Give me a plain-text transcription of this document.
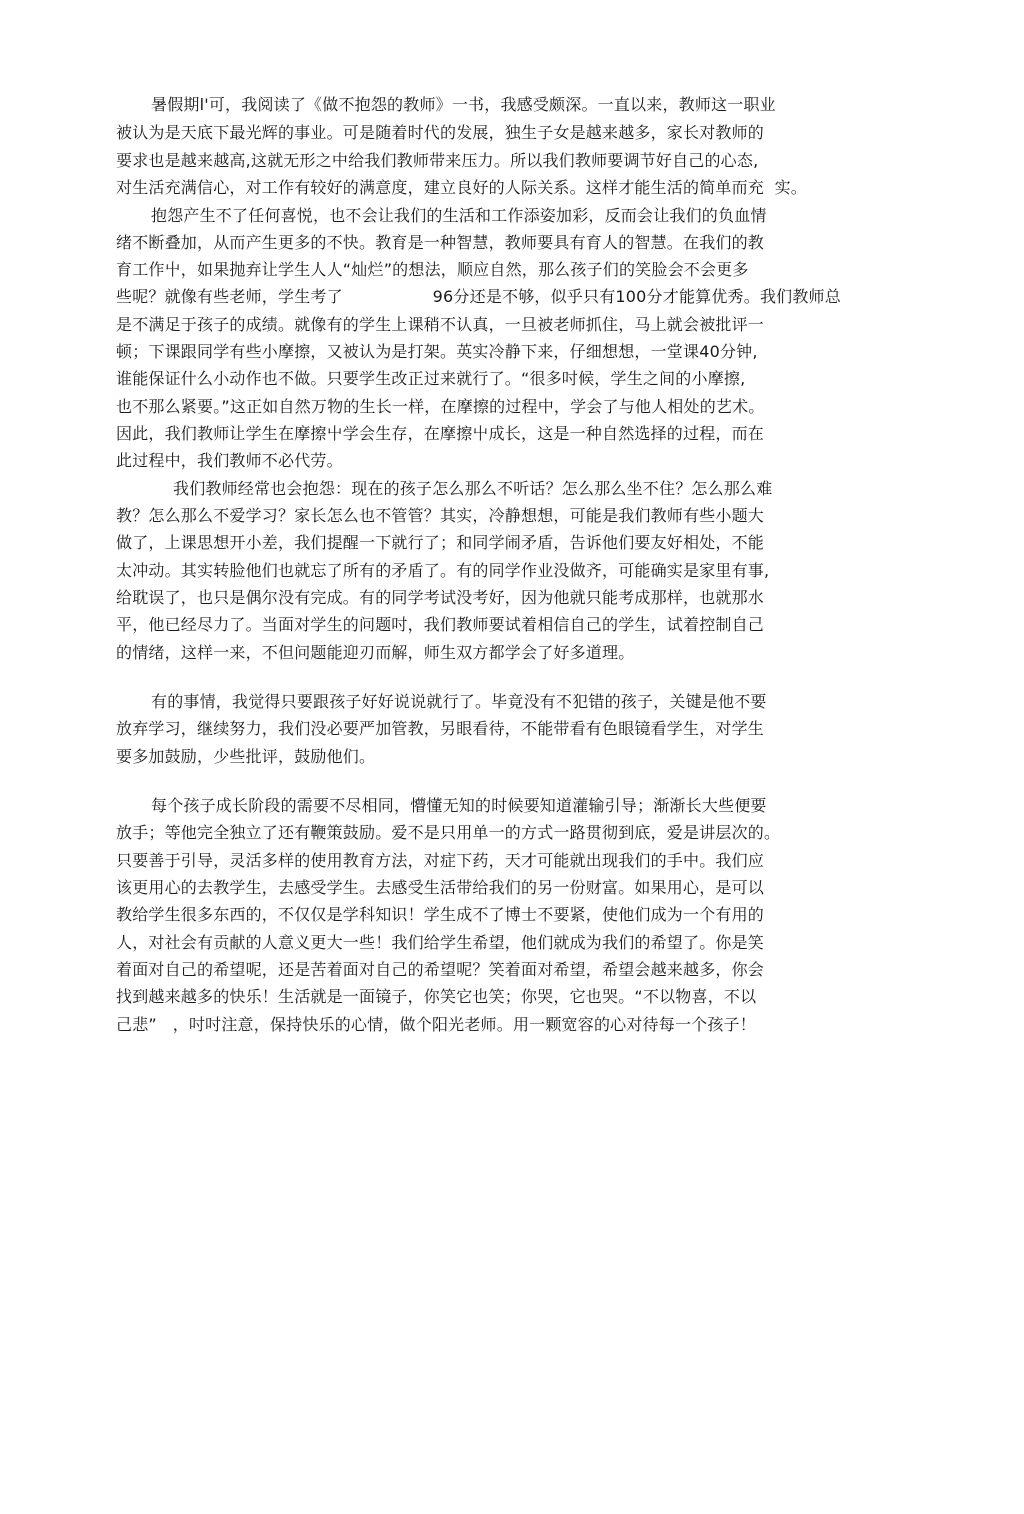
暑假期l'可，我阅读了《做不抱怨的教师》一书，我感受颇深。一直以来，教师这一职业
被认为是天底下最光辉的事业。可是随着时代的发展，独生子女是越来越多，家长对教师的
要求也是越来越高,这就无形之中给我们教师带来压力。所以我们教师要调节好自己的心态,
对生活充满信心，对工作有较好的满意度，建立良好的人际关系。这样才能生活的简单而充  实。
抱怨产生不了任何喜悦，也不会让我们的生活和工作添姿加彩，反而会让我们的负血情
绪不断叠加，从而产生更多的不快。教育是一种智慧，教师要具有育人的智慧。在我们的教
育工作屮，如果抛弃让学生人人“灿烂”的想法，顺应自然，那么孩子们的笑脸会不会更多
些呢？就像有些老师，学生考了                 96分还是不够，似乎只有100分才能算优秀。我们教师总
是不满足于孩子的成绩。就像有的学生上课稍不认真，一旦被老师抓住，马上就会被批评一
顿；下课跟同学有些小摩擦，又被认为是打架。英实冷静下来，仔细想想，一堂课40分钟,
谁能保证什么小动作也不做。只要学生改正过来就行了。“很多吋候，学生之间的小摩擦,
也不那么紧要。”这正如自然万物的生长一样，在摩擦的过程中，学会了与他人相处的艺术。
因此，我们教师让学生在摩擦屮学会生存，在摩擦屮成长，这是一种自然选择的过程，而在
此过程中，我们教师不必代劳。
我们教师经常也会抱怨：现在的孩子怎么那么不听话？怎么那么坐不住？怎么那么难
教？怎么那么不爱学习？家长怎么也不管管？其实，冷静想想，可能是我们教师有些小题大
做了，上课思想开小差，我们提醒一下就行了；和同学闹矛盾，告诉他们要友好相处，不能
太冲动。其实转脸他们也就忘了所有的矛盾了。有的同学作业没做齐，可能确实是家里有事,
给耽误了，也只是偶尔没有完成。有的同学考试没考好，因为他就只能考成那样，也就那水
平，他已经尽力了。当面对学生的问题吋，我们教师要试着相信自己的学生，试着控制自己
的情绪，这样一来，不但问题能迎刃而解，师生双方都学会了好多道理。
有的事情，我觉得只要跟孩子好好说说就行了。毕竟没有不犯错的孩子，关键是他不要
放弃学习，继续努力，我们没必要严加管教，另眼看待，不能带看有色眼镜看学生，对学生
要多加鼓励，少些批评，鼓励他们。
每个孩子成长阶段的需要不尽相同，懵懂无知的时候要知道灌输引导；渐渐长大些便要
放手；等他完全独立了还有鞭策鼓励。爱不是只用单一的方式一路贯彻到底，爱是讲层次的。
只要善于引导，灵活多样的使用教育方法，对症下药，天才可能就出现我们的手中。我们应
该更用心的去教学生，去感受学生。去感受生活带给我们的另一份财富。如果用心，是可以
教给学生很多东西的，不仅仅是学科知识！学生成不了博士不要紧，使他们成为一个有用的
人，对社会有贡献的人意义更大一些！我们给学生希望，他们就成为我们的希望了。你是笑
着面对自己的希望呢，还是苦着面对自己的希望呢？笑着面对希望，希望会越来越多，你会
找到越来越多的快乐！生活就是一面镜子，你笑它也笑；你哭，它也哭。“不以物喜，不以
己悲”   ，吋吋注意，保持快乐的心情，做个阳光老师。用一颗宽容的心对待每一个孩子！
